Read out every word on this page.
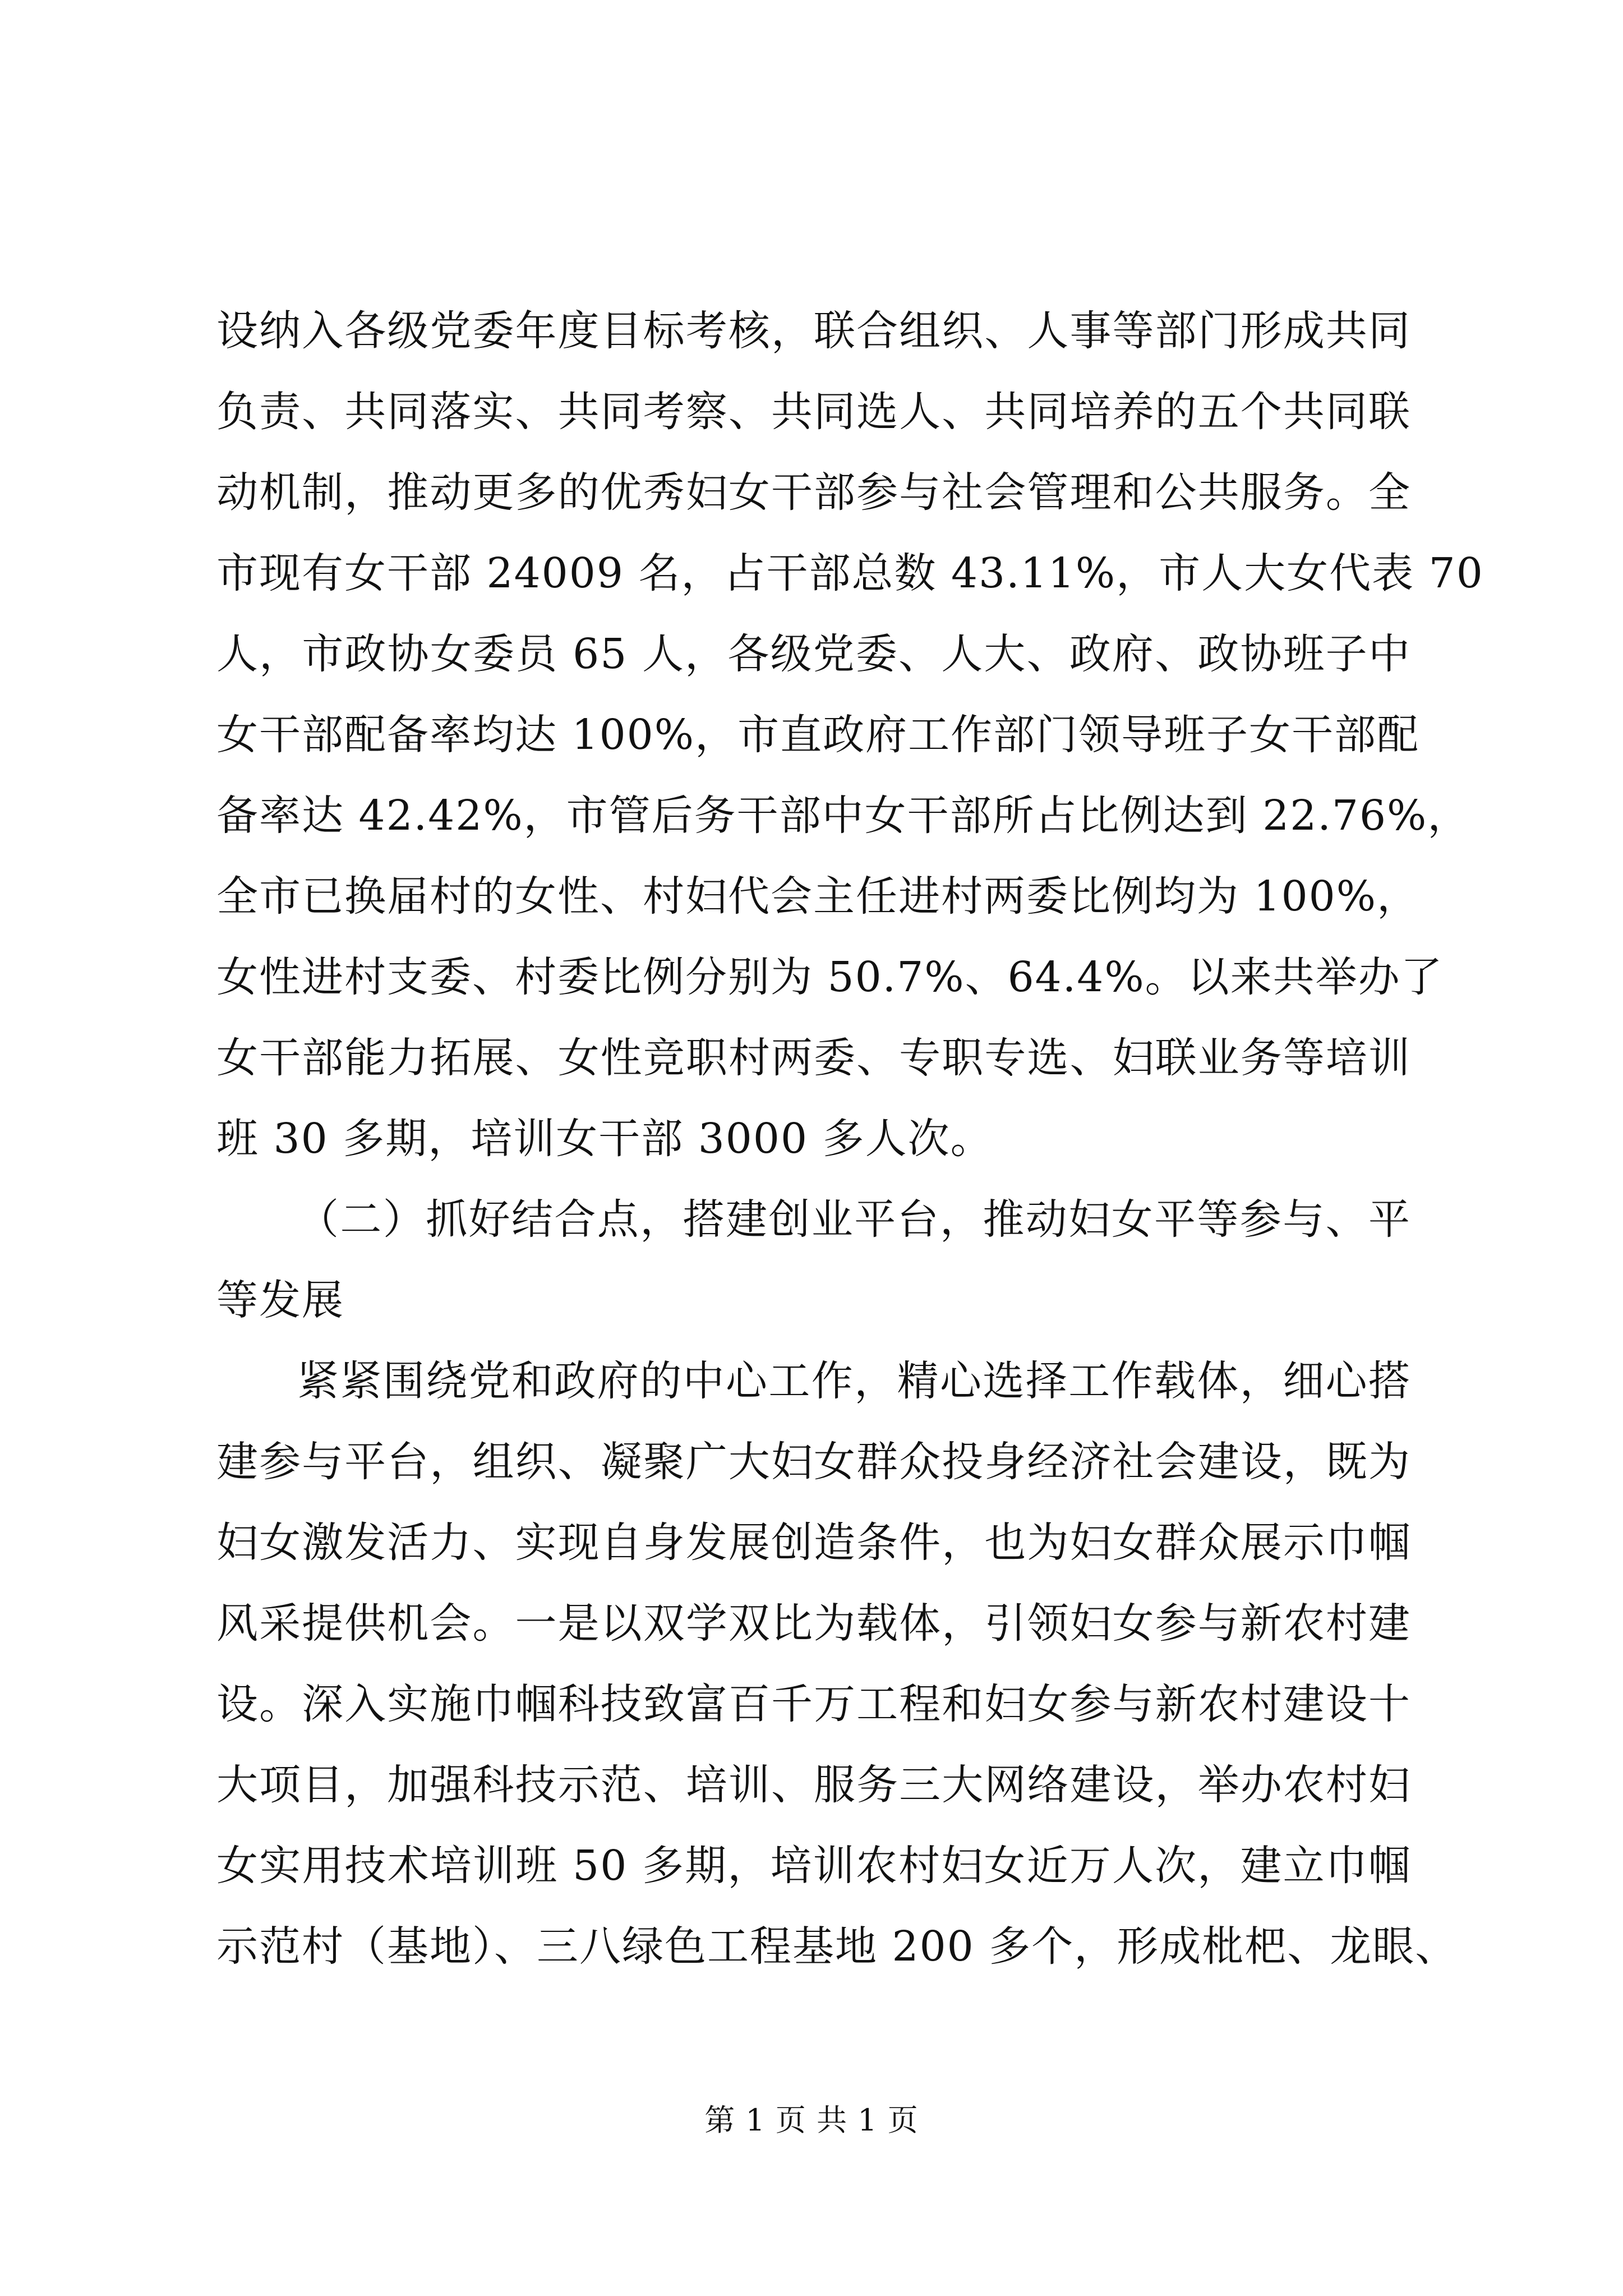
设纳入各级党委年度目标考核，联合组织、人事等部门形成共同
负责、共同落实、共同考察、共同选人、共同培养的五个共同联
动机制，推动更多的优秀妇女干部参与社会管理和公共服务。全
市现有女干部 24009 名，占干部总数 43.11%，市人大女代表 70
人，市政协女委员 65 人，各级党委、人大、政府、政协班子中
女干部配备率均达 100%，市直政府工作部门领导班子女干部配
备率达 42.42%，市管后务干部中女干部所占比例达到 22.76%，
全市已换届村的女性、村妇代会主任进村两委比例均为 100%，
女性进村支委、村委比例分别为 50.7%、64.4%。以来共举办了
女干部能力拓展、女性竞职村两委、专职专选、妇联业务等培训
班 30 多期，培训女干部 3000 多人次。
（二）抓好结合点，搭建创业平台，推动妇女平等参与、平
等发展
紧紧围绕党和政府的中心工作，精心选择工作载体，细心搭
建参与平台，组织、凝聚广大妇女群众投身经济社会建设，既为
妇女激发活力、实现自身发展创造条件，也为妇女群众展示巾帼
风采提供机会。一是以双学双比为载体，引领妇女参与新农村建
设。深入实施巾帼科技致富百千万工程和妇女参与新农村建设十
大项目，加强科技示范、培训、服务三大网络建设，举办农村妇
女实用技术培训班 50 多期，培训农村妇女近万人次，建立巾帼
示范村（基地）、三八绿色工程基地 200 多个，形成枇杷、龙眼、
第 1 页 共 1 页
